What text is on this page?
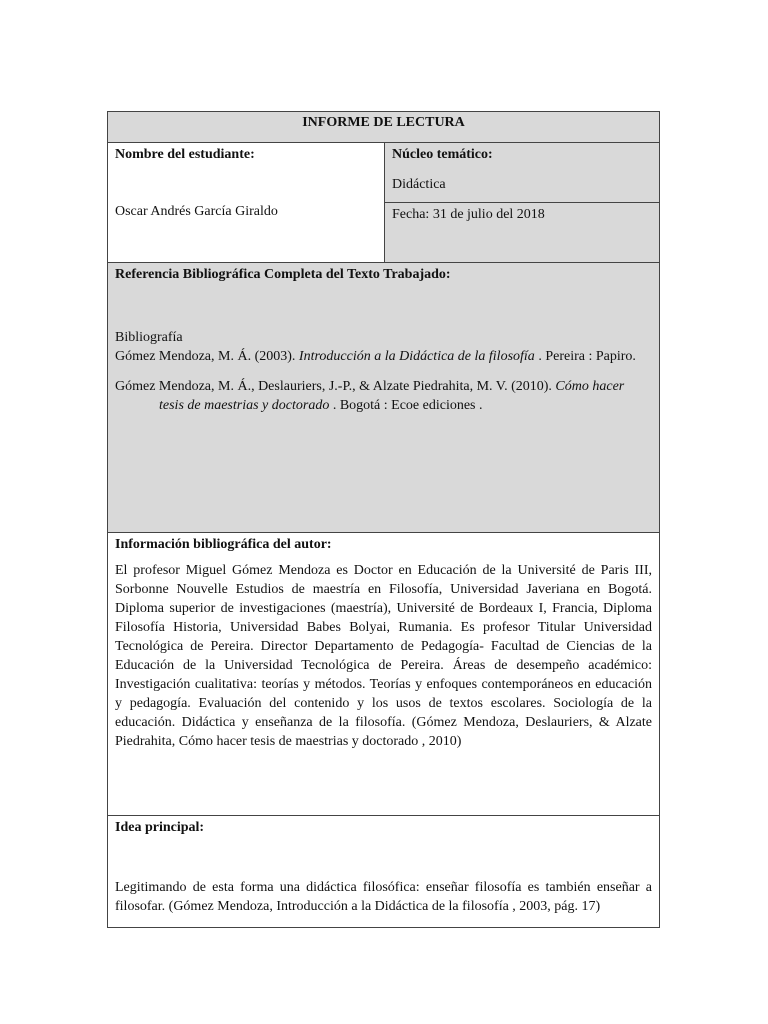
INFORME DE LECTURA

Nombre del estudiante:
Oscar Andrés García Giraldo

Núcleo temático:
Didáctica

Fecha: 31 de julio del 2018

Referencia Bibliográfica Completa del Texto Trabajado:
Bibliografía
Gómez Mendoza, M. Á. (2003). Introducción a la Didáctica de la filosofía . Pereira : Papiro.
Gómez Mendoza, M. Á., Deslauriers, J.-P., & Alzate Piedrahita, M. V. (2010). Cómo hacer tesis de maestrias y doctorado . Bogotá : Ecoe ediciones .

Información bibliográfica del autor:
El profesor Miguel Gómez Mendoza es Doctor en Educación de la Université de Paris III, Sorbonne Nouvelle Estudios de maestría en Filosofía, Universidad Javeriana en Bogotá. Diploma superior de investigaciones (maestría), Université de Bordeaux I, Francia, Diploma Filosofía Historia, Universidad Babes Bolyai, Rumania. Es profesor Titular Universidad Tecnológica de Pereira. Director Departamento de Pedagogía- Facultad de Ciencias de la Educación de la Universidad Tecnológica de Pereira. Áreas de desempeño académico: Investigación cualitativa: teorías y métodos. Teorías y enfoques contemporáneos en educación y pedagogía. Evaluación del contenido y los usos de textos escolares. Sociología de la educación. Didáctica y enseñanza de la filosofía. (Gómez Mendoza, Deslauriers, & Alzate Piedrahita, Cómo hacer tesis de maestrias y doctorado , 2010)

Idea principal:
Legitimando de esta forma una didáctica filosófica: enseñar filosofía es también enseñar a filosofar. (Gómez Mendoza, Introducción a la Didáctica de la filosofía , 2003, pág. 17)
